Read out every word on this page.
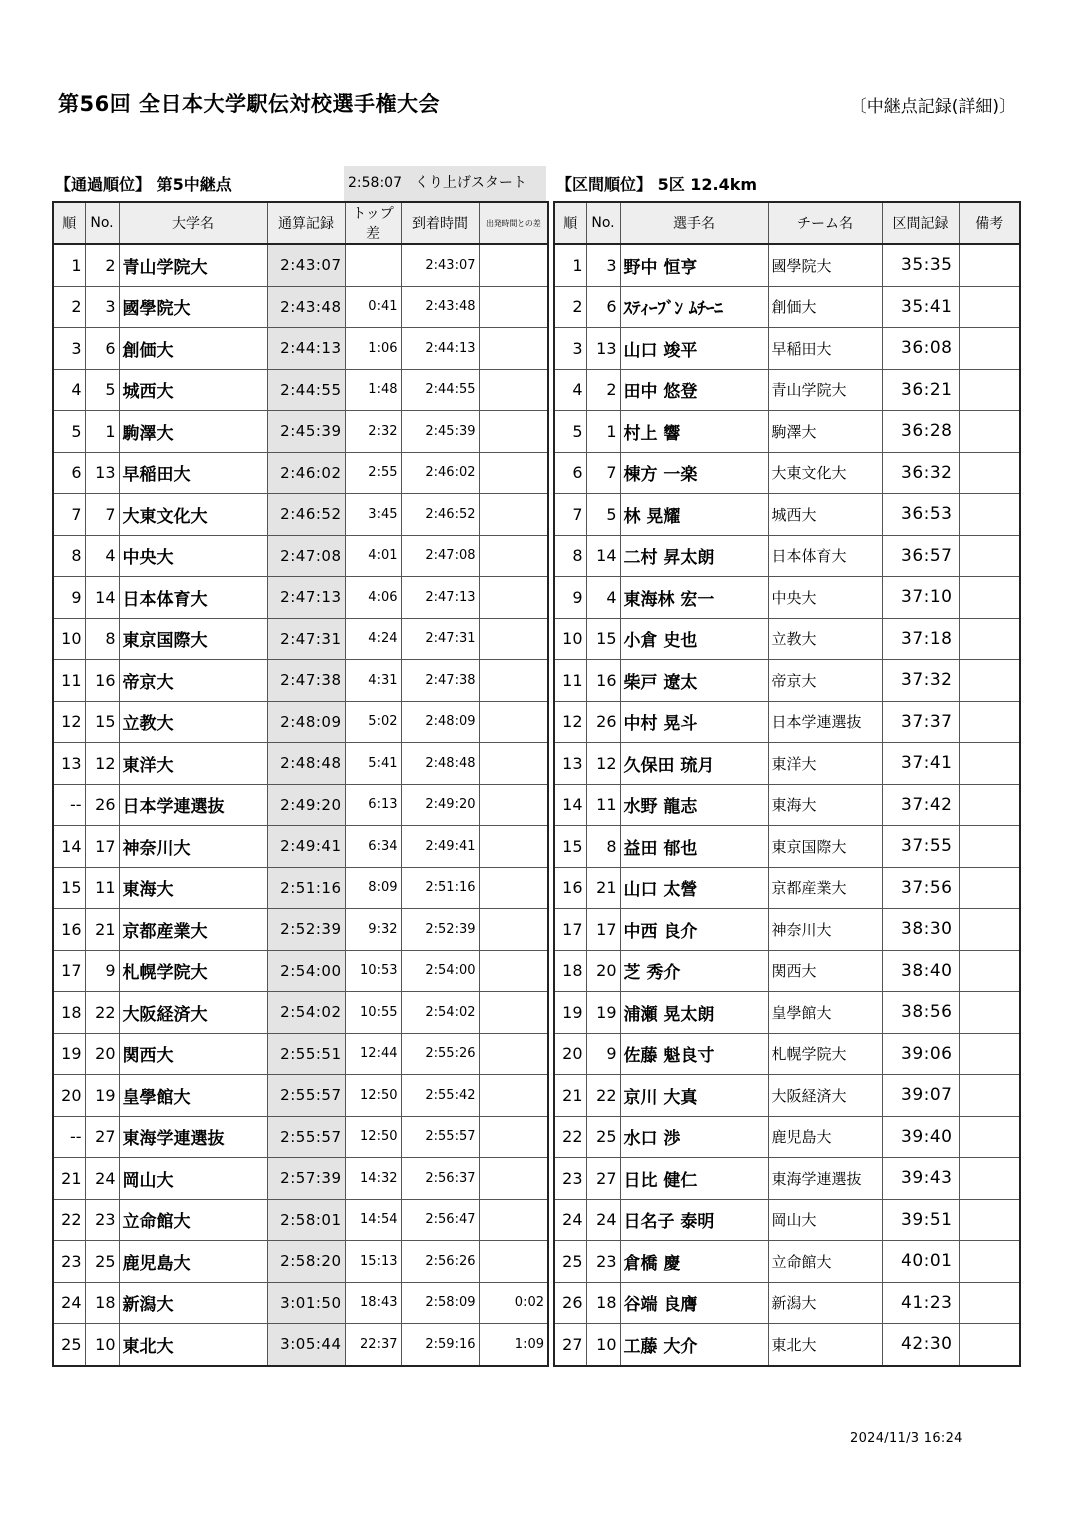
第56回 全日本大学駅伝対校選手権大会	〔中継点記録(詳細)〕
【通過順位】 第5中継点	2:58:07 くり上げスタート	【区間順位】 5区 12.4km
順	No.	大学名	通算記録	トップ差	到着時間	出発時間との差
1	2	青山学院大	2:43:07		2:43:07	
2	3	國學院大	2:43:48	0:41	2:43:48	
3	6	創価大	2:44:13	1:06	2:44:13	
4	5	城西大	2:44:55	1:48	2:44:55	
5	1	駒澤大	2:45:39	2:32	2:45:39	
6	13	早稲田大	2:46:02	2:55	2:46:02	
7	7	大東文化大	2:46:52	3:45	2:46:52	
8	4	中央大	2:47:08	4:01	2:47:08	
9	14	日本体育大	2:47:13	4:06	2:47:13	
10	8	東京国際大	2:47:31	4:24	2:47:31	
11	16	帝京大	2:47:38	4:31	2:47:38	
12	15	立教大	2:48:09	5:02	2:48:09	
13	12	東洋大	2:48:48	5:41	2:48:48	
--	26	日本学連選抜	2:49:20	6:13	2:49:20	
14	17	神奈川大	2:49:41	6:34	2:49:41	
15	11	東海大	2:51:16	8:09	2:51:16	
16	21	京都産業大	2:52:39	9:32	2:52:39	
17	9	札幌学院大	2:54:00	10:53	2:54:00	
18	22	大阪経済大	2:54:02	10:55	2:54:02	
19	20	関西大	2:55:51	12:44	2:55:26	
20	19	皇學館大	2:55:57	12:50	2:55:42	
--	27	東海学連選抜	2:55:57	12:50	2:55:57	
21	24	岡山大	2:57:39	14:32	2:56:37	
22	23	立命館大	2:58:01	14:54	2:56:47	
23	25	鹿児島大	2:58:20	15:13	2:56:26	
24	18	新潟大	3:01:50	18:43	2:58:09	0:02
25	10	東北大	3:05:44	22:37	2:59:16	1:09
順	No.	選手名	チーム名	区間記録	備考
1	3	野中 恒亨	國學院大	35:35	
2	6	ｽﾃｨｰﾌﾞﾝ ﾑﾁｰﾆ	創価大	35:41	
3	13	山口 竣平	早稲田大	36:08	
4	2	田中 悠登	青山学院大	36:21	
5	1	村上 響	駒澤大	36:28	
6	7	棟方 一楽	大東文化大	36:32	
7	5	林 晃耀	城西大	36:53	
8	14	二村 昇太朗	日本体育大	36:57	
9	4	東海林 宏一	中央大	37:10	
10	15	小倉 史也	立教大	37:18	
11	16	柴戸 遼太	帝京大	37:32	
12	26	中村 晃斗	日本学連選抜	37:37	
13	12	久保田 琉月	東洋大	37:41	
14	11	水野 龍志	東海大	37:42	
15	8	益田 郁也	東京国際大	37:55	
16	21	山口 太營	京都産業大	37:56	
17	17	中西 良介	神奈川大	38:30	
18	20	芝 秀介	関西大	38:40	
19	19	浦瀬 晃太朗	皇學館大	38:56	
20	9	佐藤 魁良寸	札幌学院大	39:06	
21	22	京川 大真	大阪経済大	39:07	
22	25	水口 渉	鹿児島大	39:40	
23	27	日比 健仁	東海学連選抜	39:43	
24	24	日名子 泰明	岡山大	39:51	
25	23	倉橋 慶	立命館大	40:01	
26	18	谷端 良膺	新潟大	41:23	
27	10	工藤 大介	東北大	42:30	
2024/11/3 16:24
